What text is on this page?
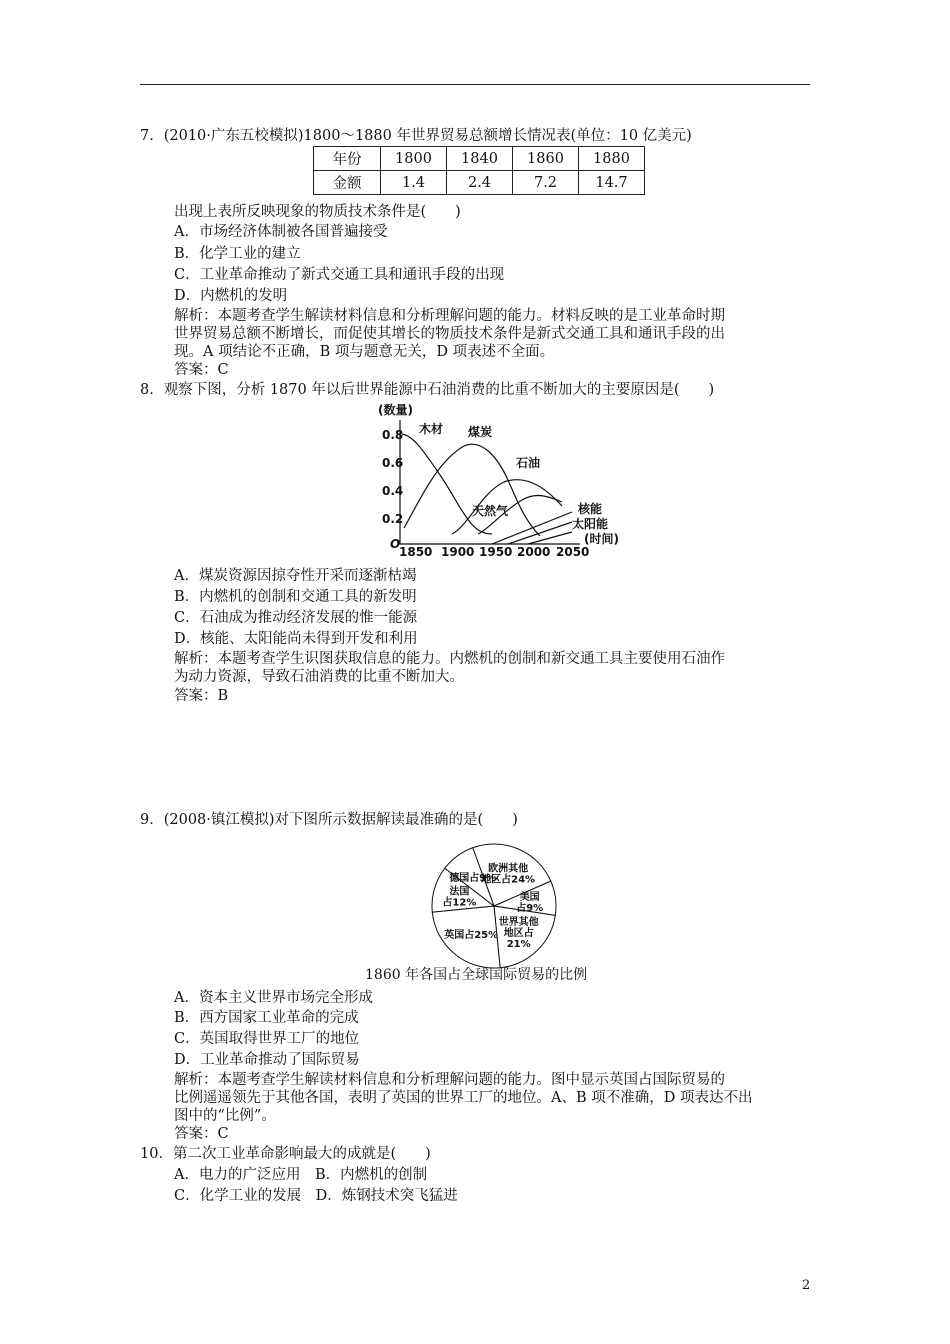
7．(2010·广东五校模拟)1800～1880 年世界贸易总额增长情况表(单位：10 亿美元)
年份	1800	1840	1860	1880
金额	1.4	2.4	7.2	14.7
出现上表所反映现象的物质技术条件是(　　)
A．市场经济体制被各国普遍接受
B．化学工业的建立
C．工业革命推动了新式交通工具和通讯手段的出现
D．内燃机的发明
解析：本题考查学生解读材料信息和分析理解问题的能力。材料反映的是工业革命时期
世界贸易总额不断增长，而促使其增长的物质技术条件是新式交通工具和通讯手段的出
现。A 项结论不正确，B 项与题意无关，D 项表述不全面。
答案：C
8．观察下图，分析 1870 年以后世界能源中石油消费的比重不断加大的主要原因是(　　)
(数量)
0.8
0.6
0.4
0.2
O
1850 1900 1950 2000 2050
(时间)
木材 煤炭
石油
天然气	核能
太阳能
A．煤炭资源因掠夺性开采而逐渐枯竭
B．内燃机的创制和交通工具的新发明
C．石油成为推动经济发展的惟一能源
D．核能、太阳能尚未得到开发和利用
解析：本题考查学生识图获取信息的能力。内燃机的创制和新交通工具主要使用石油作
为动力资源，导致石油消费的比重不断加大。
答案：B
9．(2008·镇江模拟)对下图所示数据解读最准确的是(　　)
欧洲其他地区占24%
美国占9%
世界其他地区占 21%
英国占25%
法国占12%
德国占9%
1860 年各国占全球国际贸易的比例
A．资本主义世界市场完全形成
B．西方国家工业革命的完成
C．英国取得世界工厂的地位
D．工业革命推动了国际贸易
解析：本题考查学生解读材料信息和分析理解问题的能力。图中显示英国占国际贸易的
比例遥遥领先于其他各国，表明了英国的世界工厂的地位。A、B 项不准确，D 项表达不出
图中的“比例”。
答案：C
10．第二次工业革命影响最大的成就是(　　)
A．电力的广泛应用　B．内燃机的创制
C．化学工业的发展　D．炼钢技术突飞猛进
2
